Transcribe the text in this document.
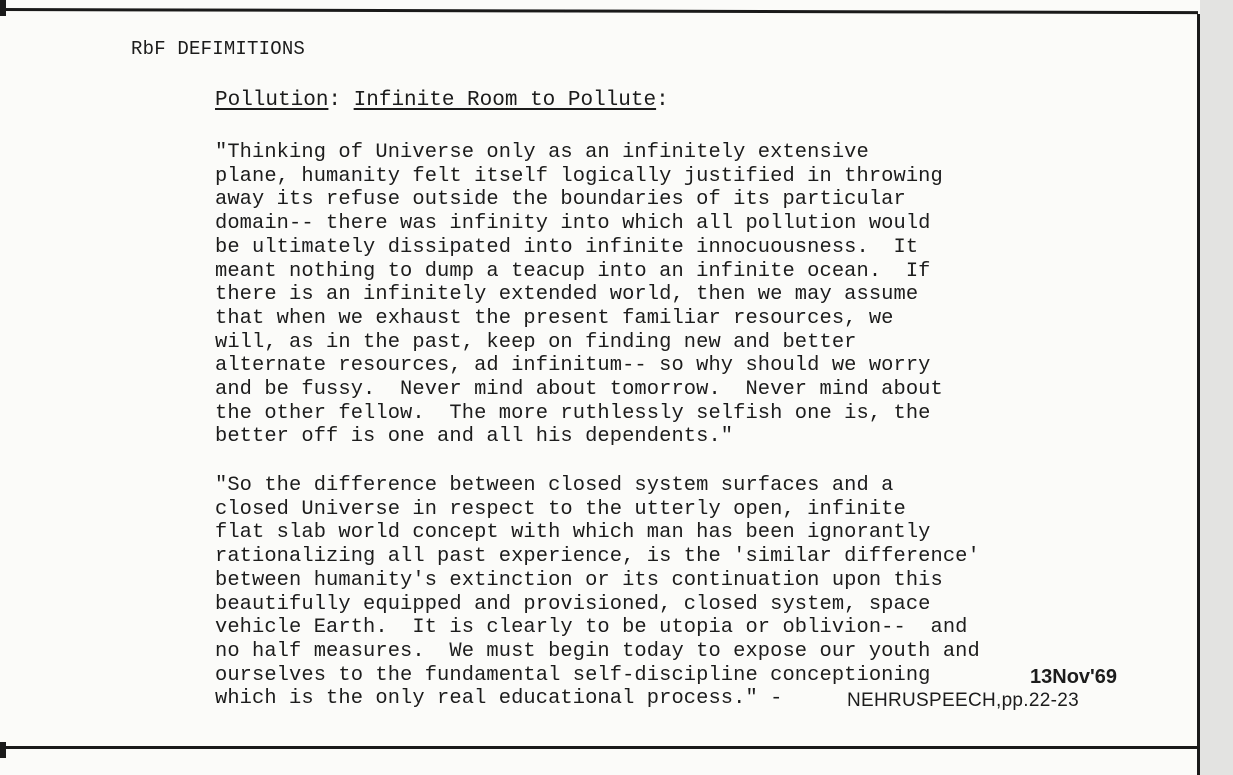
RbF DEFIMITIONS

Pollution: Infinite Room to Pollute:

"Thinking of Universe only as an infinitely extensive
plane, humanity felt itself logically justified in throwing
away its refuse outside the boundaries of its particular
domain-- there was infinity into which all pollution would
be ultimately dissipated into infinite innocuousness.  It
meant nothing to dump a teacup into an infinite ocean.  If
there is an infinitely extended world, then we may assume
that when we exhaust the present familiar resources, we
will, as in the past, keep on finding new and better
alternate resources, ad infinitum-- so why should we worry
and be fussy.  Never mind about tomorrow.  Never mind about
the other fellow.  The more ruthlessly selfish one is, the
better off is one and all his dependents."

"So the difference between closed system surfaces and a
closed Universe in respect to the utterly open, infinite
flat slab world concept with which man has been ignorantly
rationalizing all past experience, is the 'similar difference'
between humanity's extinction or its continuation upon this
beautifully equipped and provisioned, closed system, space
vehicle Earth.  It is clearly to be utopia or oblivion--  and
no half measures.  We must begin today to expose our youth and
ourselves to the fundamental self-discipline conceptioning
which is the only real educational process." -

13Nov'69
NEHRUSPEECH,pp.22-23
